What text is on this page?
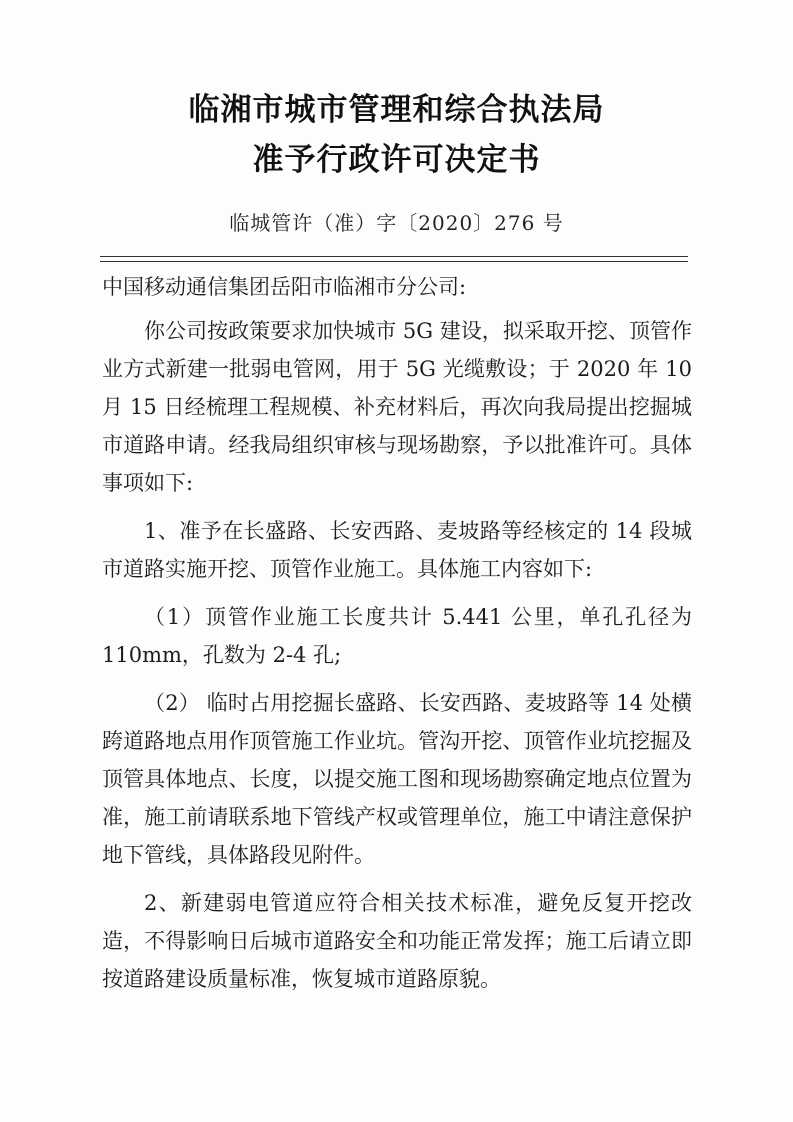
临湘市城市管理和综合执法局
准予行政许可决定书
临城管许（准）字〔2020〕276 号

中国移动通信集团岳阳市临湘市分公司:

你公司按政策要求加快城市 5G 建设，拟采取开挖、顶管作业方式新建一批弱电管网，用于 5G 光缆敷设；于 2020 年 10 月 15 日经梳理工程规模、补充材料后，再次向我局提出挖掘城市道路申请。经我局组织审核与现场勘察，予以批准许可。具体事项如下:

1、准予在长盛路、长安西路、麦坡路等经核定的 14 段城市道路实施开挖、顶管作业施工。具体施工内容如下:

（1）顶管作业施工长度共计 5.441 公里，单孔孔径为 110mm，孔数为 2-4 孔;

（2） 临时占用挖掘长盛路、长安西路、麦坡路等 14 处横跨道路地点用作顶管施工作业坑。管沟开挖、顶管作业坑挖掘及顶管具体地点、长度，以提交施工图和现场勘察确定地点位置为准，施工前请联系地下管线产权或管理单位，施工中请注意保护地下管线，具体路段见附件。

2、新建弱电管道应符合相关技术标准，避免反复开挖改造，不得影响日后城市道路安全和功能正常发挥；施工后请立即按道路建设质量标准，恢复城市道路原貌。
